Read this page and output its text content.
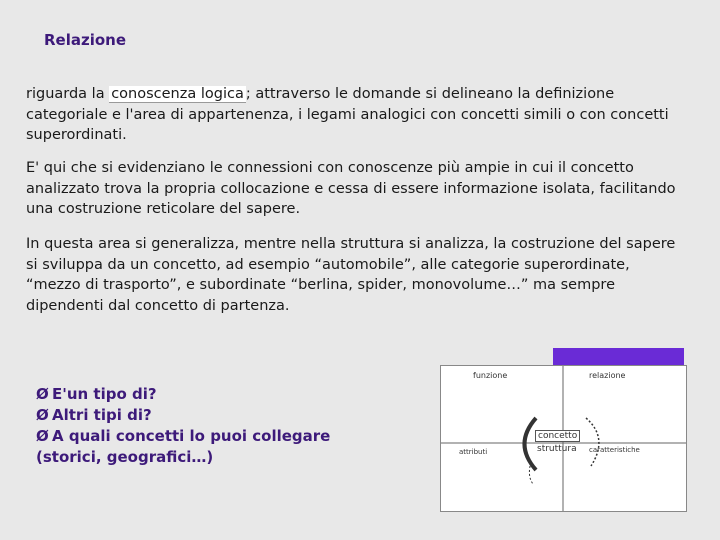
Relazione
riguarda la conoscenza logica ; attraverso le domande si delineano la definizione categoriale e l'area di appartenenza, i legami analogici con concetti simili o con concetti superordinati.
E' qui che si evidenziano le connessioni con conoscenze più ampie in cui il concetto analizzato trova la propria collocazione e cessa di essere informazione isolata, facilitando una costruzione reticolare del sapere.
In questa area si generalizza, mentre nella struttura si analizza, la costruzione del sapere si sviluppa da un concetto, ad esempio “automobile”, alle categorie superordinate, “mezzo di trasporto”, e subordinate “berlina, spider, monovolume…” ma sempre dipendenti dal concetto di partenza.
Ø E'un tipo di?
Ø Altri tipi di?
Ø A quali concetti lo puoi collegare
(storici, geografici…)
funzione	relazione
attributi	caratteristiche
concetto
struttura
